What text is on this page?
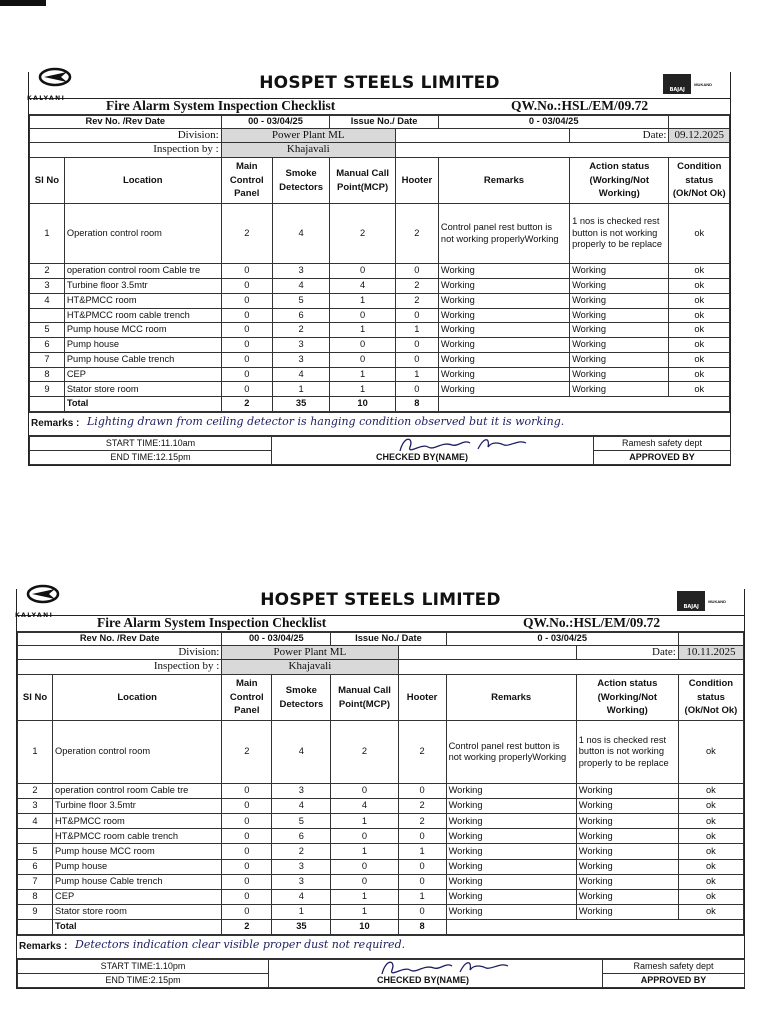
KALYANI
HOSPET STEELS LIMITED	BAJAJ
MUKAND
Fire Alarm System Inspection Checklist	QW.No.:HSL/EM/09.72
Rev No. /Rev Date		00 - 03/04/25		Issue No./ Date		0 - 03/04/25		
Division:		Power Plant ML					Date:	09.12.2025
Inspection by :		Khajavali						
Sl No	Location	Main Control Panel	Smoke Detectors	Manual Call Point(MCP)	Hooter	Remarks	Action status (Working/Not Working)	Condition status (Ok/Not Ok)
1	Operation control room	2	4	2	2	Control panel rest button is not working properlyWorking	1 nos is checked rest button is not working properly to be replace	ok
2	operation control room Cable tre	0	3	0	0	Working	Working	ok
3	Turbine floor 3.5mtr	0	4	4	2	Working	Working	ok
4	HT&PMCC room	0	5	1	2	Working	Working	ok
	HT&PMCC room cable trench	0	6	0	0	Working	Working	ok
5	Pump house MCC room	0	2	1	1	Working	Working	ok
6	Pump house	0	3	0	0	Working	Working	ok
7	Pump house Cable trench	0	3	0	0	Working	Working	ok
8	CEP	0	4	1	1	Working	Working	ok
9	Stator store room	0	1	1	0	Working	Working	ok
	Total	2	35	10	8			
Remarks : Lighting drawn from ceiling detector is hanging condition observed but it is working.
START TIME:11.10am	CHECKED BY(NAME)	Ramesh safety dept
END TIME:12.15pm		APPROVED BY
KALYANI
HOSPET STEELS LIMITED	BAJAJ
MUKAND
Fire Alarm System Inspection Checklist	QW.No.:HSL/EM/09.72
Rev No. /Rev Date		00 - 03/04/25		Issue No./ Date		0 - 03/04/25		
Division:		Power Plant ML					Date:	10.11.2025
Inspection by :		Khajavali						
Sl No	Location	Main Control Panel	Smoke Detectors	Manual Call Point(MCP)	Hooter	Remarks	Action status (Working/Not Working)	Condition status (Ok/Not Ok)
1	Operation control room	2	4	2	2	Control panel rest button is not working properlyWorking	1 nos is checked rest button is not working properly to be replace	ok
2	operation control room Cable tre	0	3	0	0	Working	Working	ok
3	Turbine floor 3.5mtr	0	4	4	2	Working	Working	ok
4	HT&PMCC room	0	5	1	2	Working	Working	ok
	HT&PMCC room cable trench	0	6	0	0	Working	Working	ok
5	Pump house MCC room	0	2	1	1	Working	Working	ok
6	Pump house	0	3	0	0	Working	Working	ok
7	Pump house Cable trench	0	3	0	0	Working	Working	ok
8	CEP	0	4	1	1	Working	Working	ok
9	Stator store room	0	1	1	0	Working	Working	ok
	Total	2	35	10	8			
Remarks : Detectors indication clear visible proper dust not required.
START TIME:1.10pm	CHECKED BY(NAME)	Ramesh safety dept
END TIME:2.15pm		APPROVED BY
